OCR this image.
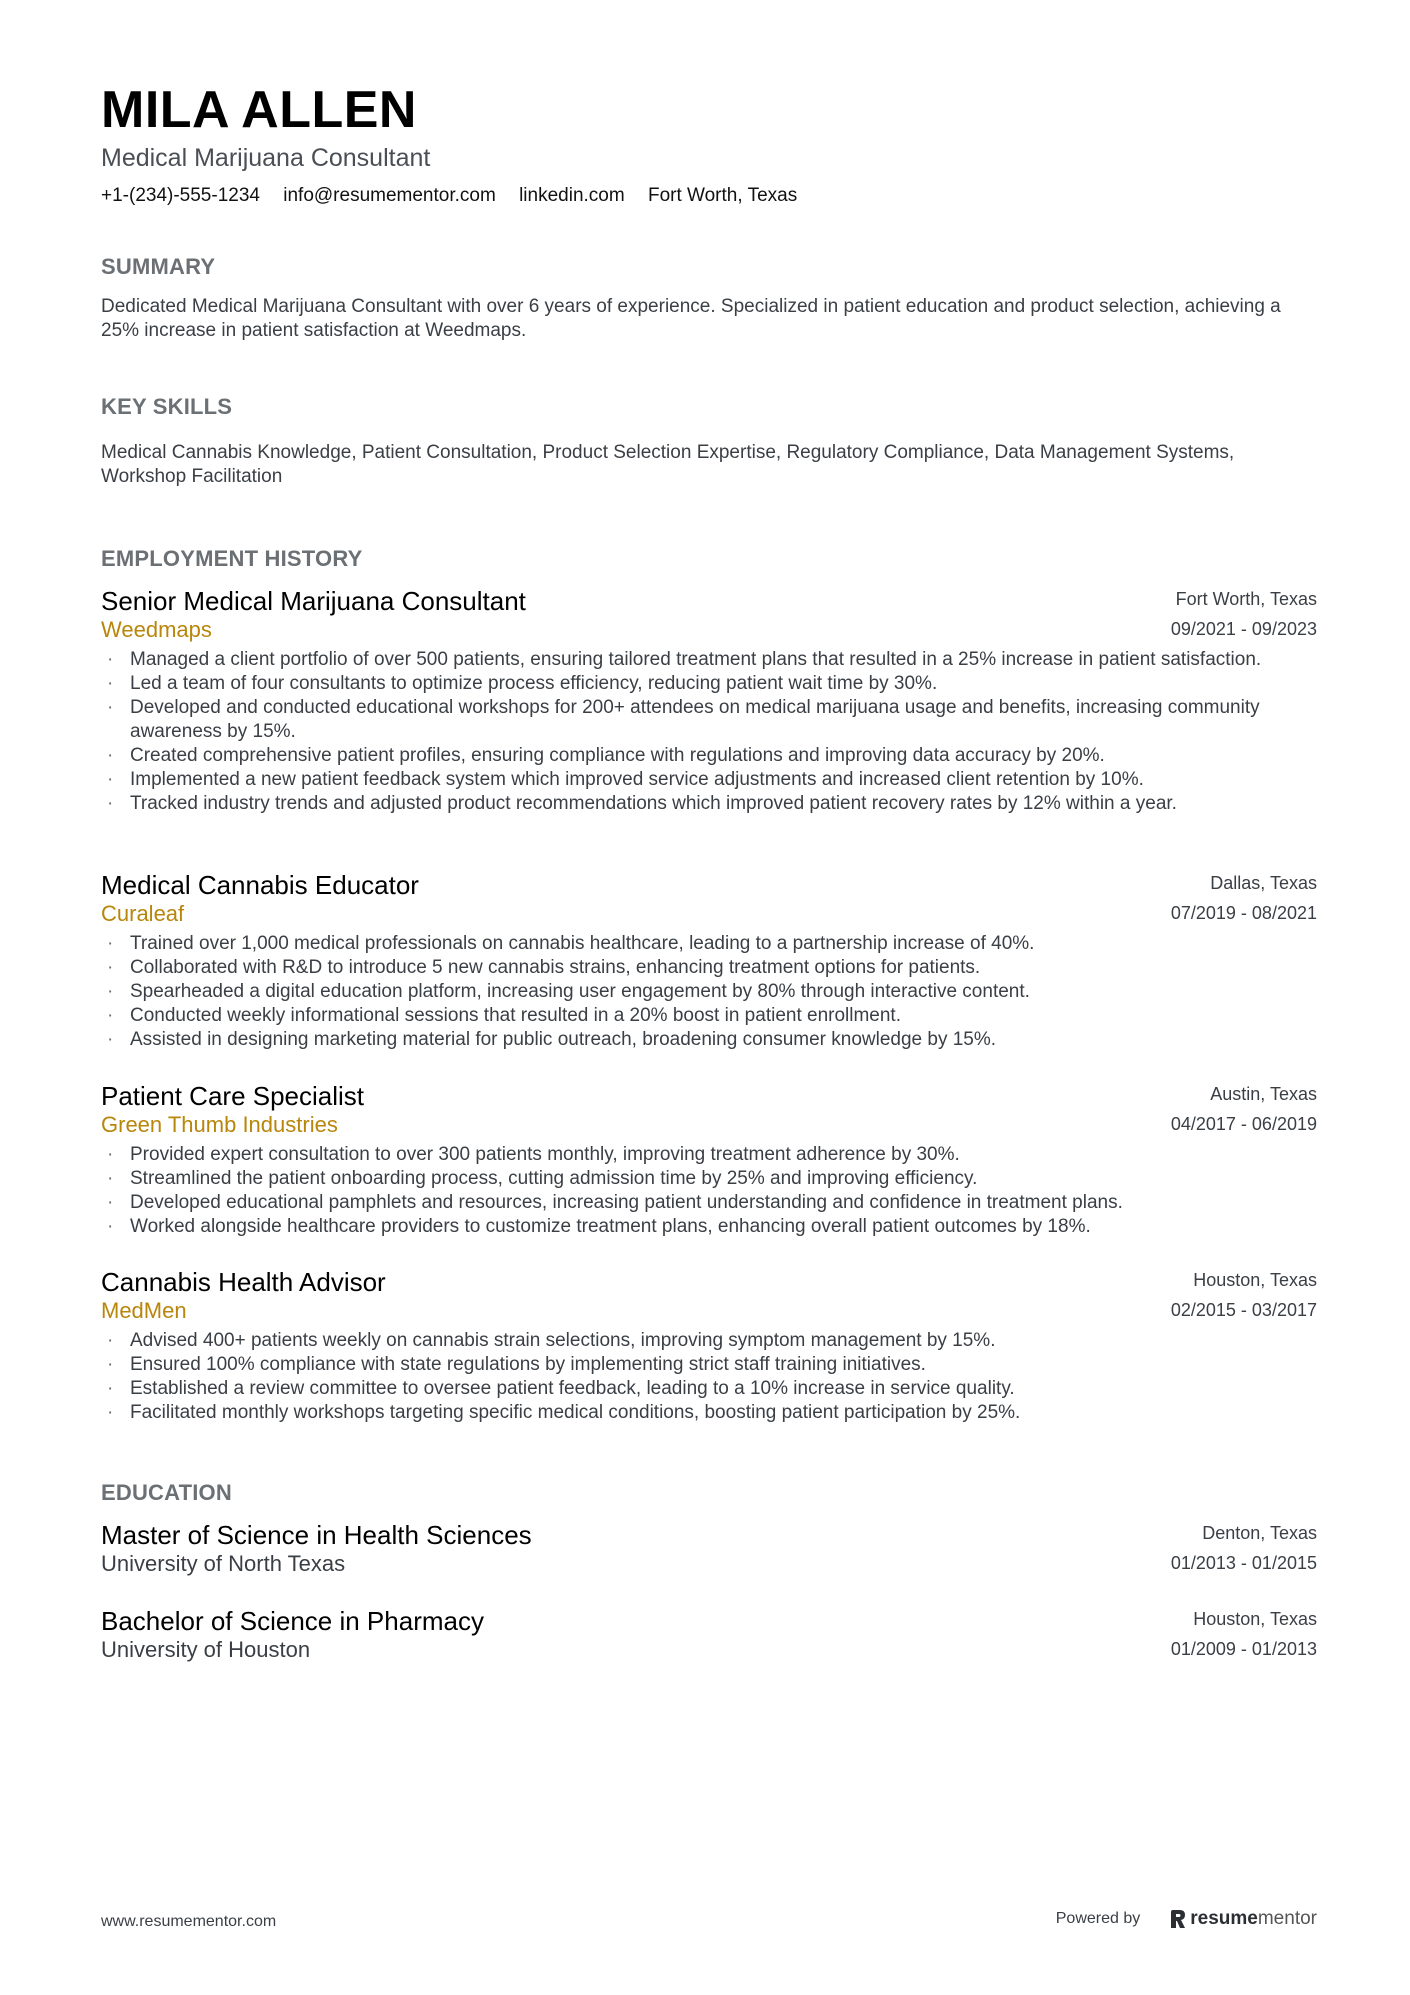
MILA ALLEN
Medical Marijuana Consultant
+1-(234)-555-1234 info@resumementor.com linkedin.com Fort Worth, Texas
SUMMARY
Dedicated Medical Marijuana Consultant with over 6 years of experience. Specialized in patient education and product selection, achieving a 25% increase in patient satisfaction at Weedmaps.
KEY SKILLS
Medical Cannabis Knowledge, Patient Consultation, Product Selection Expertise, Regulatory Compliance, Data Management Systems, Workshop Facilitation
EMPLOYMENT HISTORY
Senior Medical Marijuana Consultant
Weedmaps
Fort Worth, Texas
09/2021 - 09/2023
· Managed a client portfolio of over 500 patients, ensuring tailored treatment plans that resulted in a 25% increase in patient satisfaction.
· Led a team of four consultants to optimize process efficiency, reducing patient wait time by 30%.
· Developed and conducted educational workshops for 200+ attendees on medical marijuana usage and benefits, increasing community awareness by 15%.
· Created comprehensive patient profiles, ensuring compliance with regulations and improving data accuracy by 20%.
· Implemented a new patient feedback system which improved service adjustments and increased client retention by 10%.
· Tracked industry trends and adjusted product recommendations which improved patient recovery rates by 12% within a year.
Medical Cannabis Educator
Curaleaf
Dallas, Texas
07/2019 - 08/2021
· Trained over 1,000 medical professionals on cannabis healthcare, leading to a partnership increase of 40%.
· Collaborated with R&D to introduce 5 new cannabis strains, enhancing treatment options for patients.
· Spearheaded a digital education platform, increasing user engagement by 80% through interactive content.
· Conducted weekly informational sessions that resulted in a 20% boost in patient enrollment.
· Assisted in designing marketing material for public outreach, broadening consumer knowledge by 15%.
Patient Care Specialist
Green Thumb Industries
Austin, Texas
04/2017 - 06/2019
· Provided expert consultation to over 300 patients monthly, improving treatment adherence by 30%.
· Streamlined the patient onboarding process, cutting admission time by 25% and improving efficiency.
· Developed educational pamphlets and resources, increasing patient understanding and confidence in treatment plans.
· Worked alongside healthcare providers to customize treatment plans, enhancing overall patient outcomes by 18%.
Cannabis Health Advisor
MedMen
Houston, Texas
02/2015 - 03/2017
· Advised 400+ patients weekly on cannabis strain selections, improving symptom management by 15%.
· Ensured 100% compliance with state regulations by implementing strict staff training initiatives.
· Established a review committee to oversee patient feedback, leading to a 10% increase in service quality.
· Facilitated monthly workshops targeting specific medical conditions, boosting patient participation by 25%.
EDUCATION
Master of Science in Health Sciences
University of North Texas
Denton, Texas
01/2013 - 01/2015
Bachelor of Science in Pharmacy
University of Houston
Houston, Texas
01/2009 - 01/2013
www.resumementor.com	Powered by	resume mentor
